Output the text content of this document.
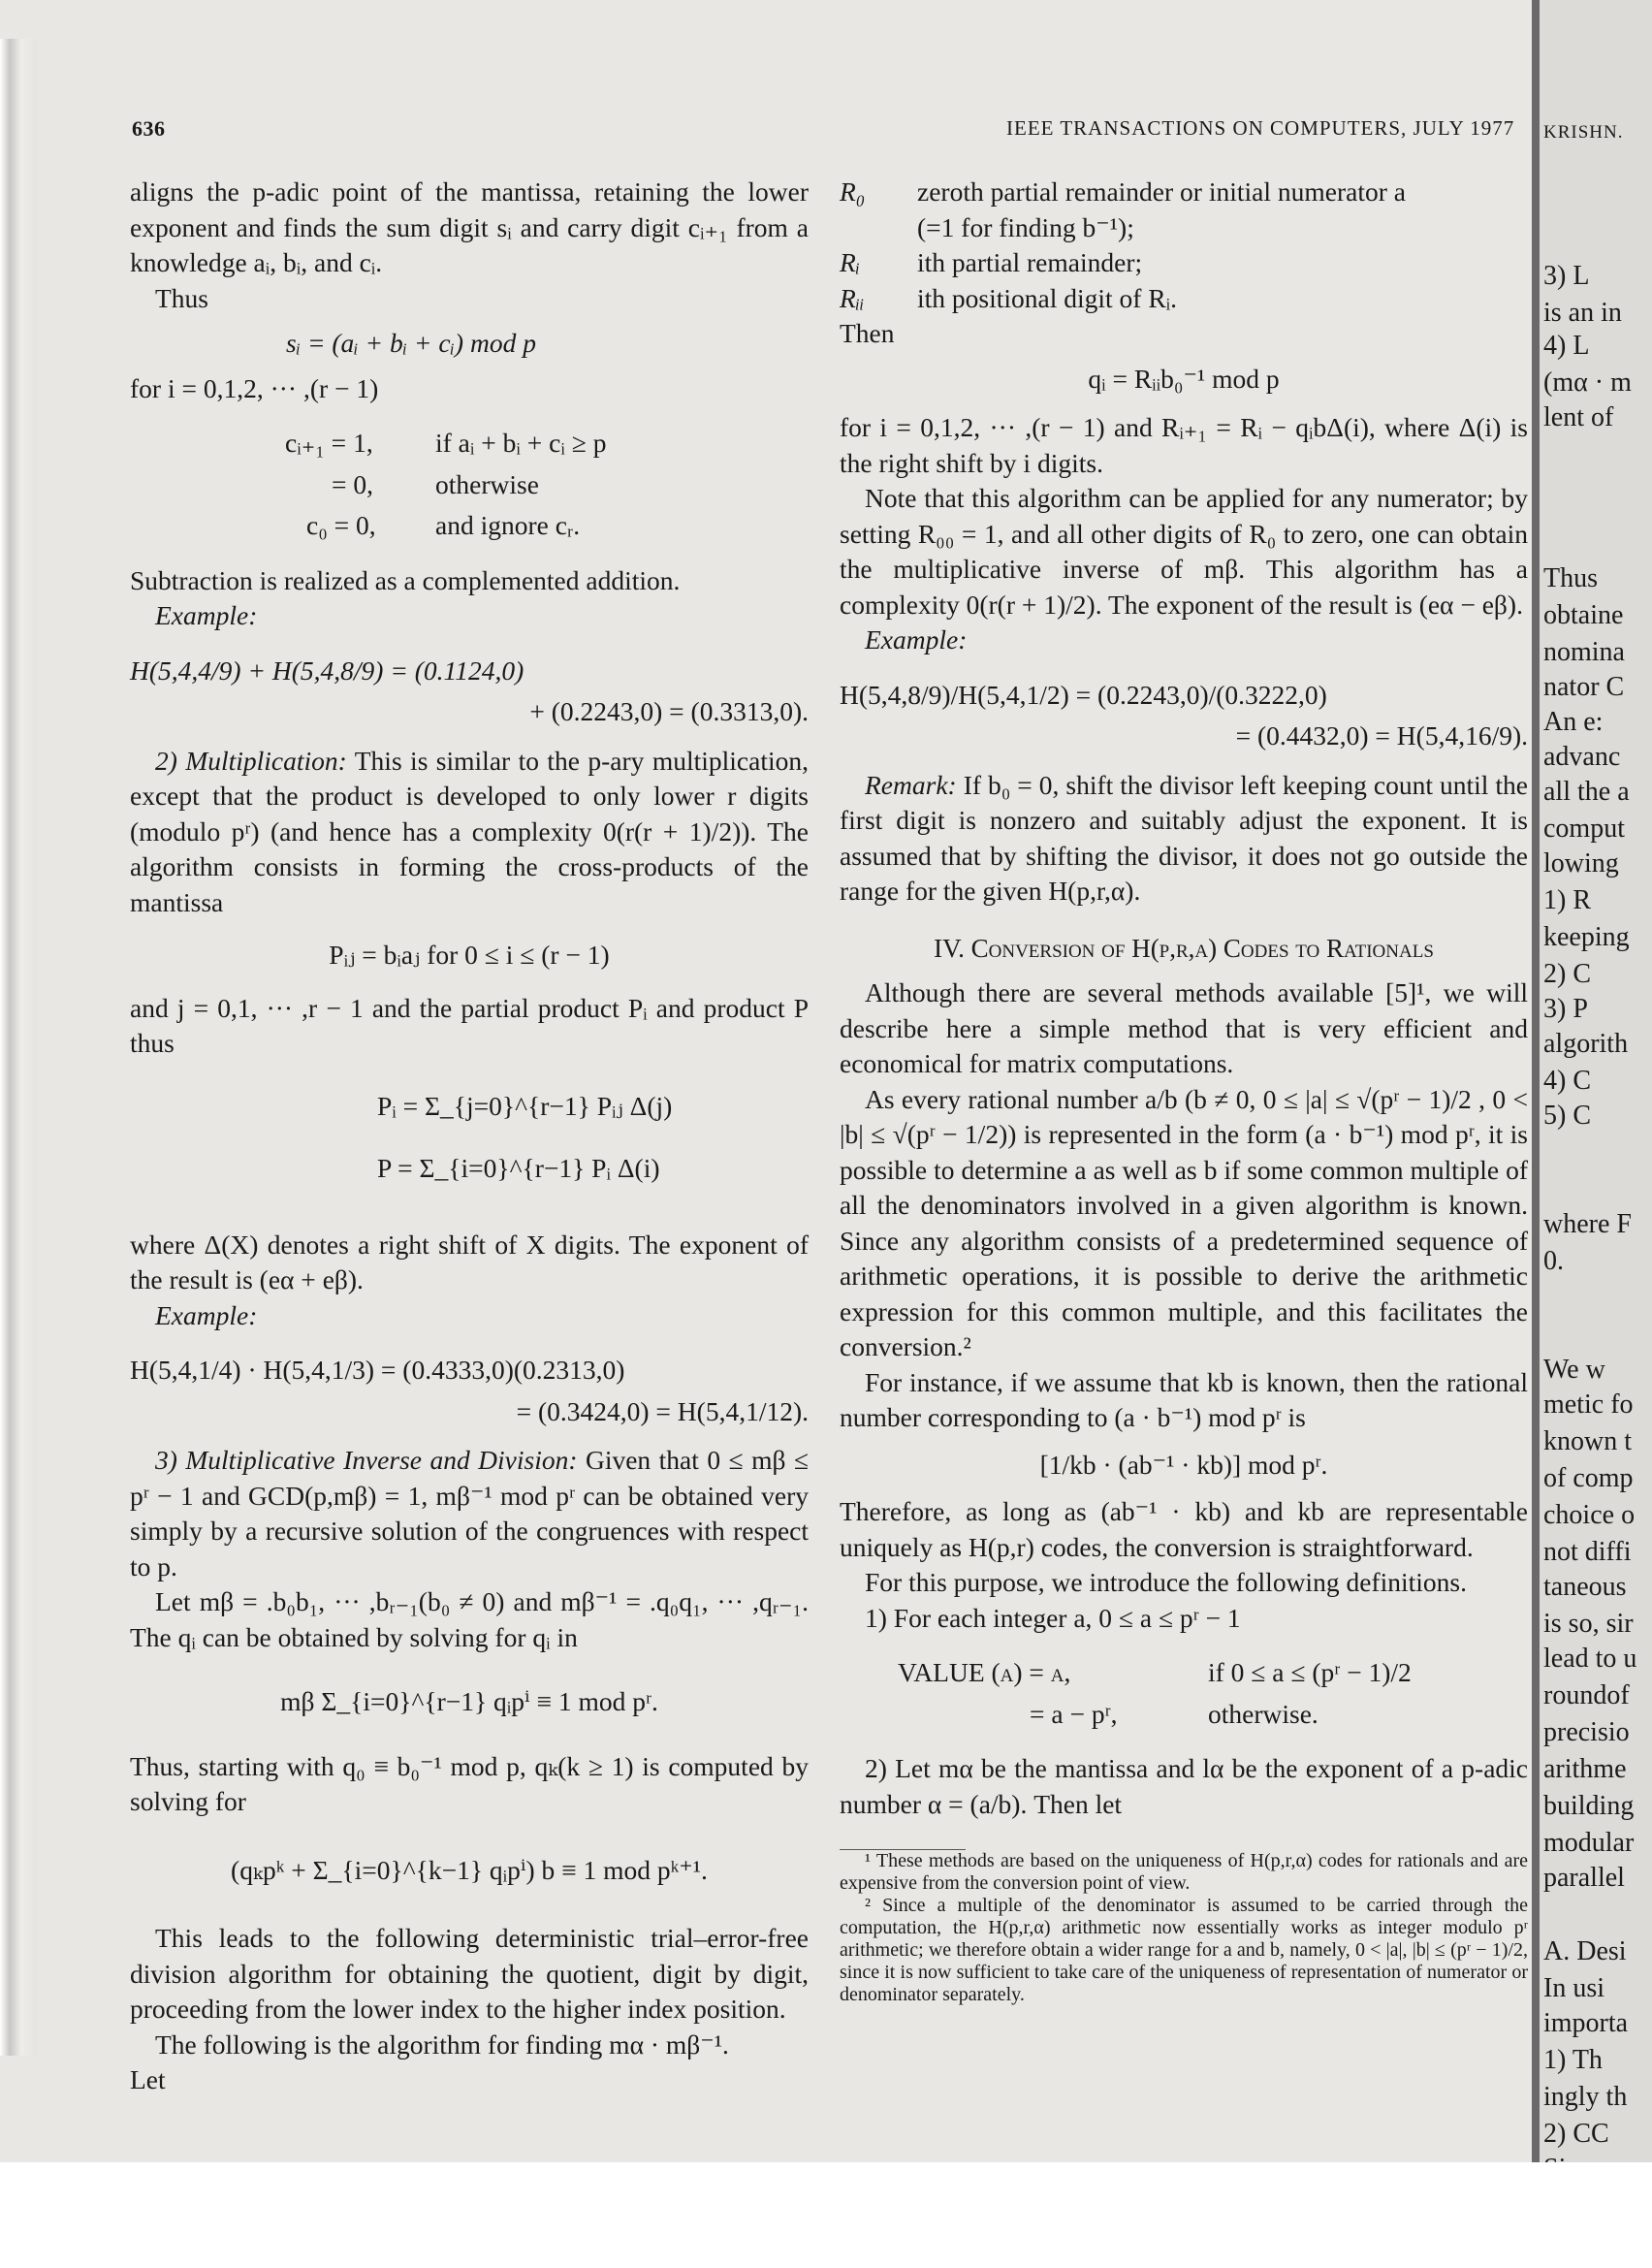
636	IEEE TRANSACTIONS ON COMPUTERS, JULY 1977

aligns the p-adic point of the mantissa, retaining the lower exponent and finds the sum digit sᵢ and carry digit cᵢ₊₁ from a knowledge aᵢ, bᵢ, and cᵢ.

Thus

sᵢ = (aᵢ + bᵢ + cᵢ) mod p

for i = 0,1,2, ··· ,(r − 1)

cᵢ₊₁ = 1, if aᵢ + bᵢ + cᵢ ≥ p
= 0, otherwise
c₀ = 0, and ignore cᵣ.

Subtraction is realized as a complemented addition.

Example:

H(5,4,4/9) + H(5,4,8/9) = (0.1124,0)
+ (0.2243,0) = (0.3313,0).

2) Multiplication: This is similar to the p-ary multiplication, except that the product is developed to only lower r digits (modulo pʳ) (and hence has a complexity 0(r(r + 1)/2)). The algorithm consists in forming the cross-products of the mantissa

Pᵢⱼ = bᵢaⱼ for 0 ≤ i ≤ (r − 1)

and j = 0,1, ··· ,r − 1 and the partial product Pᵢ and product P thus

Pᵢ = Σ_{j=0}^{r−1} Pᵢⱼ Δ(j)
P = Σ_{i=0}^{r−1} Pᵢ Δ(i)

where Δ(X) denotes a right shift of X digits. The exponent of the result is (eα + eβ).

Example:

H(5,4,1/4) · H(5,4,1/3) = (0.4333,0)(0.2313,0)
= (0.3424,0) = H(5,4,1/12).

3) Multiplicative Inverse and Division: Given that 0 ≤ mβ ≤ pʳ − 1 and GCD(p,mβ) = 1, mβ⁻¹ mod pʳ can be obtained very simply by a recursive solution of the congruences with respect to p.

Let mβ = .b₀b₁, ··· ,bᵣ₋₁(b₀ ≠ 0) and mβ⁻¹ = .q₀q₁, ··· ,qᵣ₋₁. The qᵢ can be obtained by solving for qᵢ in

mβ Σ_{i=0}^{r−1} qᵢpⁱ ≡ 1 mod pʳ.

Thus, starting with q₀ ≡ b₀⁻¹ mod p, qₖ(k ≥ 1) is computed by solving for

(qₖpᵏ + Σ_{i=0}^{k−1} qᵢpⁱ) b ≡ 1 mod pᵏ⁺¹.

This leads to the following deterministic trial–error-free division algorithm for obtaining the quotient, digit by digit, proceeding from the lower index to the higher index position.

The following is the algorithm for finding mα · mβ⁻¹.

Let

R₀	zeroth partial remainder or initial numerator a
(=1 for finding b⁻¹);
Rᵢ	ith partial remainder;
Rᵢᵢ	ith positional digit of Rᵢ.

Then

qᵢ = Rᵢᵢb₀⁻¹ mod p

for i = 0,1,2, ··· ,(r − 1) and Rᵢ₊₁ = Rᵢ − qᵢbΔ(i), where Δ(i) is the right shift by i digits.

Note that this algorithm can be applied for any numerator; by setting R₀₀ = 1, and all other digits of R₀ to zero, one can obtain the multiplicative inverse of mβ. This algorithm has a complexity 0(r(r + 1)/2). The exponent of the result is (eα − eβ).

Example:

H(5,4,8/9)/H(5,4,1/2) = (0.2243,0)/(0.3222,0)
= (0.4432,0) = H(5,4,16/9).

Remark: If b₀ = 0, shift the divisor left keeping count until the first digit is nonzero and suitably adjust the exponent. It is assumed that by shifting the divisor, it does not go outside the range for the given H(p,r,α).

IV. Conversion of H(p,r,α) Codes to Rationals

Although there are several methods available [5]¹, we will describe here a simple method that is very efficient and economical for matrix computations.

As every rational number a/b (b ≠ 0, 0 ≤ |a| ≤ √(pʳ − 1)/2 , 0 < |b| ≤ √(pʳ − 1/2)) is represented in the form (a · b⁻¹) mod pʳ, it is possible to determine a as well as b if some common multiple of all the denominators involved in a given algorithm is known. Since any algorithm consists of a predetermined sequence of arithmetic operations, it is possible to derive the arithmetic expression for this common multiple, and this facilitates the conversion.²

For instance, if we assume that kb is known, then the rational number corresponding to (a · b⁻¹) mod pʳ is

[1/kb · (ab⁻¹ · kb)] mod pʳ.

Therefore, as long as (ab⁻¹ · kb) and kb are representable uniquely as H(p,r) codes, the conversion is straightforward.

For this purpose, we introduce the following definitions.

1) For each integer a, 0 ≤ a ≤ pʳ − 1

VALUE (a) = a,	if 0 ≤ a ≤ (pʳ − 1)/2
= a − pʳ,	otherwise.

2) Let mα be the mantissa and lα be the exponent of a p-adic number α = (a/b). Then let

¹ These methods are based on the uniqueness of H(p,r,α) codes for rationals and are expensive from the conversion point of view.

² Since a multiple of the denominator is assumed to be carried through the computation, the H(p,r,α) arithmetic now essentially works as integer modulo pʳ arithmetic; we therefore obtain a wider range for a and b, namely, 0 < |a|, |b| ≤ (pʳ − 1)/2, since it is now sufficient to take care of the uniqueness of representation of numerator or denominator separately.

KRISHN.
3) L
is an in
4) L
(mα · m
lent of
Thus
obtaine
nomina
nator C
An e:
advanc
all the a
comput
lowing
1) R
keeping
2) C
3) P
algorith
4) C
5) C
where F
0.
We w
metic fo
known t
of comp
choice o
not diffi
taneous
is so, sir
lead to u
roundof
precisio
arithme
building
modular
parallel
A. Desi
In usi
importa
1) Th
ingly th
2) CC
